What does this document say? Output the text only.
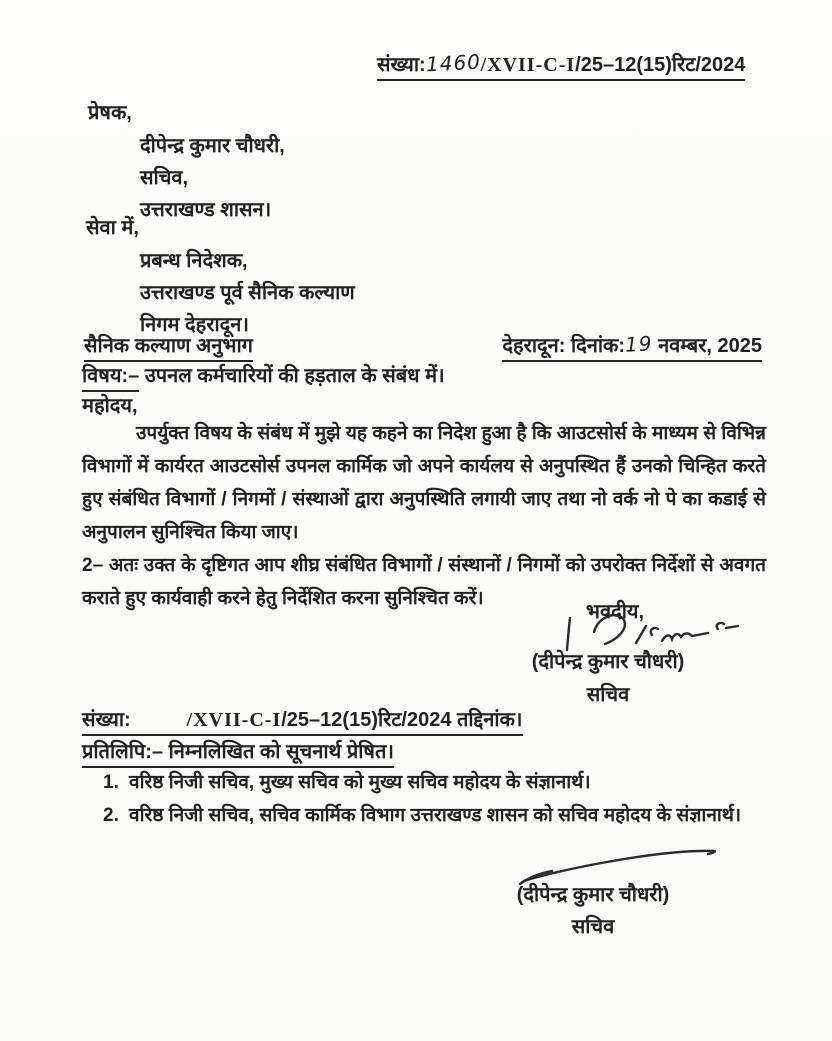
संख्या:1460/XVII-C-I/25–12(15)रिट/2024
प्रेषक,
दीपेन्द्र कुमार चौधरी,
सचिव,
उत्तराखण्ड शासन।
सेवा में,
प्रबन्ध निदेशक,
उत्तराखण्ड पूर्व सैनिक कल्याण
निगम देहरादून।
सैनिक कल्याण अनुभाग	देहरादून: दिनांक:19 नवम्बर, 2025
विषय:– उपनल कर्मचारियों की हड़ताल के संबंध में।
महोदय,

उपर्युक्त विषय के संबंध में मुझे यह कहने का निदेश हुआ है कि आउटसोर्स के माध्यम से विभिन्न विभागों में कार्यरत आउटसोर्स उपनल कार्मिक जो अपने कार्यलय से अनुपस्थित हैं उनको चिन्हित करते हुए संबंधित विभागों / निगमों / संस्थाओं द्वारा अनुपस्थिति लगायी जाए तथा नो वर्क नो पे का कडाई से अनुपालन सुनिश्चित किया जाए।

2– अतः उक्त के दृष्टिगत आप शीघ्र संबंधित विभागों / संस्थानों / निगमों को उपरोक्त निर्देशों से अवगत कराते हुए कार्यवाही करने हेतु निर्देशित करना सुनिश्चित करें।

भवदीय,
(दीपेन्द्र कुमार चौधरी)
सचिव
संख्या:	/XVII-C-I/25–12(15)रिट/2024 तद्दिनांक।
प्रतिलिपि:– निम्नलिखित को सूचनार्थ प्रेषित।
1. वरिष्ठ निजी सचिव, मुख्य सचिव को मुख्य सचिव महोदय के संज्ञानार्थ।
2. वरिष्ठ निजी सचिव, सचिव कार्मिक विभाग उत्तराखण्ड शासन को सचिव महोदय के संज्ञानार्थ।
(दीपेन्द्र कुमार चौधरी)
सचिव
